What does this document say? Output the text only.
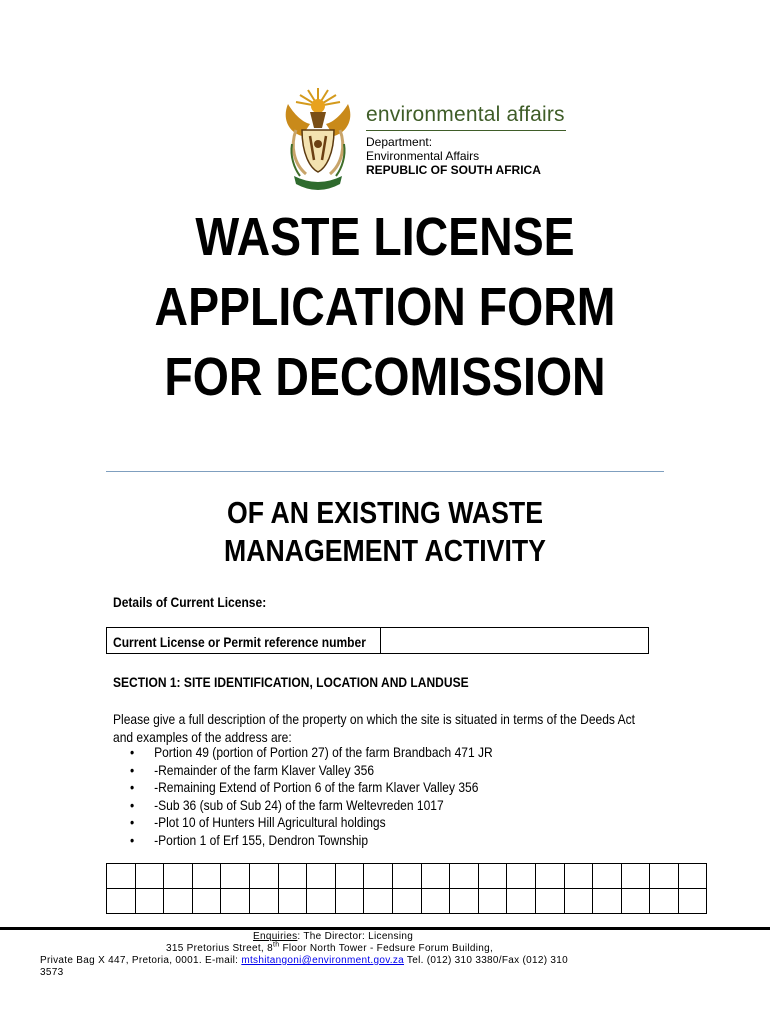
environmental affairs
Department:
Environmental Affairs
REPUBLIC OF SOUTH AFRICA
WASTE LICENSE
APPLICATION FORM
FOR DECOMISSION
OF AN EXISTING WASTE
MANAGEMENT ACTIVITY
Details of Current License:
Current License or Permit reference number
SECTION 1: SITE IDENTIFICATION, LOCATION AND LANDUSE
Please give a full description of the property on which the site is situated in terms of the Deeds Act
and examples of the address are:
• Portion 49 (portion of Portion 27) of the farm Brandbach 471 JR
• -Remainder of the farm Klaver Valley 356
• -Remaining Extend of Portion 6 of the farm Klaver Valley 356
• -Sub 36 (sub of Sub 24) of the farm Weltevreden 1017
• -Plot 10 of Hunters Hill Agricultural holdings
• -Portion 1 of Erf 155, Dendron Township

Enquiries: The Director: Licensing
315 Pretorius Street, 8th Floor North Tower - Fedsure Forum Building,
Private Bag X 447, Pretoria, 0001. E-mail: mtshitangoni@environment.gov.za Tel. (012) 310 3380/Fax (012) 310
3573
